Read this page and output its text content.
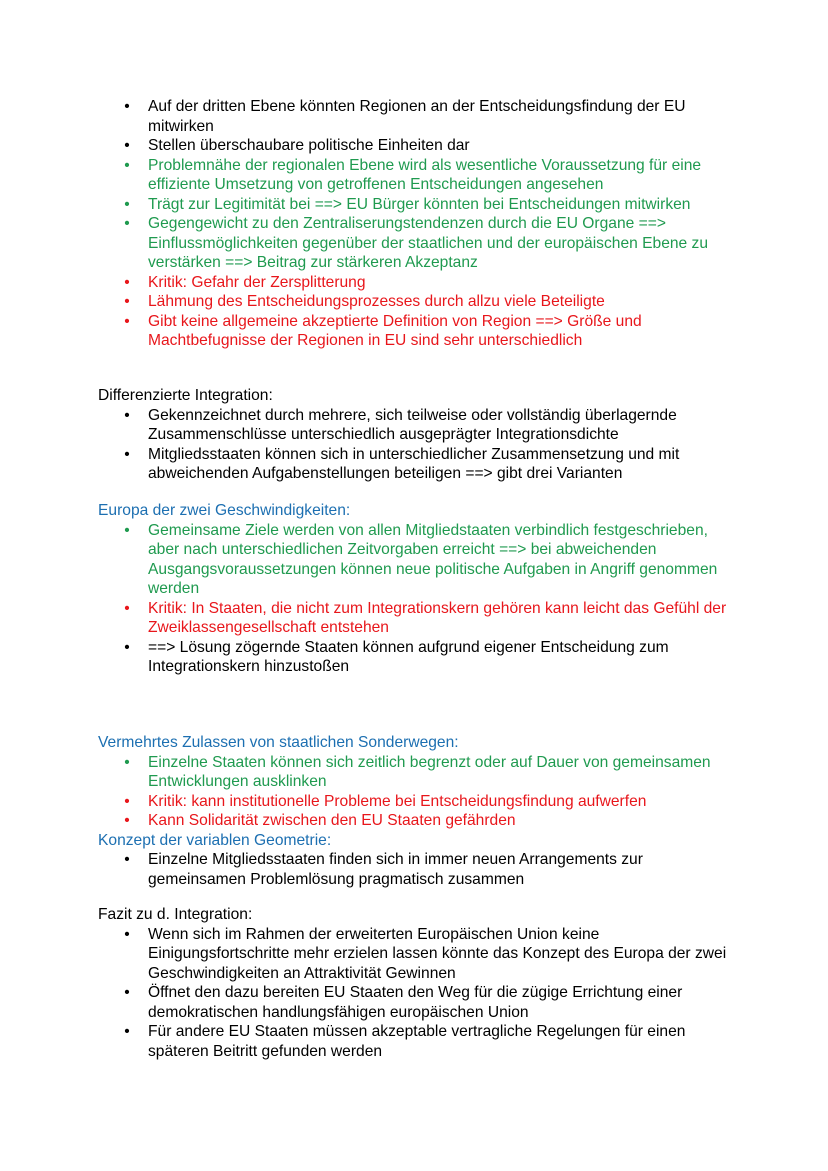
• Auf der dritten Ebene könnten Regionen an der Entscheidungsfindung der EU mitwirken
• Stellen überschaubare politische Einheiten dar
• Problemnähe der regionalen Ebene wird als wesentliche Voraussetzung für eine effiziente Umsetzung von getroffenen Entscheidungen angesehen
• Trägt zur Legitimität bei ==> EU Bürger könnten bei Entscheidungen mitwirken
• Gegengewicht zu den Zentraliserungstendenzen durch die EU Organe ==> Einflussmöglichkeiten gegenüber der staatlichen und der europäischen Ebene zu verstärken ==> Beitrag zur stärkeren Akzeptanz
• Kritik: Gefahr der Zersplitterung
• Lähmung des Entscheidungsprozesses durch allzu viele Beteiligte
• Gibt keine allgemeine akzeptierte Definition von Region ==> Größe und Machtbefugnisse der Regionen in EU sind sehr unterschiedlich

Differenzierte Integration:

• Gekennzeichnet durch mehrere, sich teilweise oder vollständig überlagernde Zusammenschlüsse unterschiedlich ausgeprägter Integrationsdichte
• Mitgliedsstaaten können sich in unterschiedlicher Zusammensetzung und mit abweichenden Aufgabenstellungen beteiligen ==> gibt drei Varianten

Europa der zwei Geschwindigkeiten:

• Gemeinsame Ziele werden von allen Mitgliedstaaten verbindlich festgeschrieben, aber nach unterschiedlichen Zeitvorgaben erreicht ==> bei abweichenden Ausgangsvoraussetzungen können neue politische Aufgaben in Angriff genommen werden
• Kritik: In Staaten, die nicht zum Integrationskern gehören kann leicht das Gefühl der Zweiklassengesellschaft entstehen
• ==> Lösung zögernde Staaten können aufgrund eigener Entscheidung zum Integrationskern hinzustoßen

Vermehrtes Zulassen von staatlichen Sonderwegen:

• Einzelne Staaten können sich zeitlich begrenzt oder auf Dauer von gemeinsamen Entwicklungen ausklinken
• Kritik: kann institutionelle Probleme bei Entscheidungsfindung aufwerfen
• Kann Solidarität zwischen den EU Staaten gefährden

Konzept der variablen Geometrie:

• Einzelne Mitgliedsstaaten finden sich in immer neuen Arrangements zur gemeinsamen Problemlösung pragmatisch zusammen

Fazit zu d. Integration:

• Wenn sich im Rahmen der erweiterten Europäischen Union keine Einigungsfortschritte mehr erzielen lassen könnte das Konzept des Europa der zwei Geschwindigkeiten an Attraktivität Gewinnen
• Öffnet den dazu bereiten EU Staaten den Weg für die zügige Errichtung einer demokratischen handlungsfähigen europäischen Union
• Für andere EU Staaten müssen akzeptable vertragliche Regelungen für einen späteren Beitritt gefunden werden
